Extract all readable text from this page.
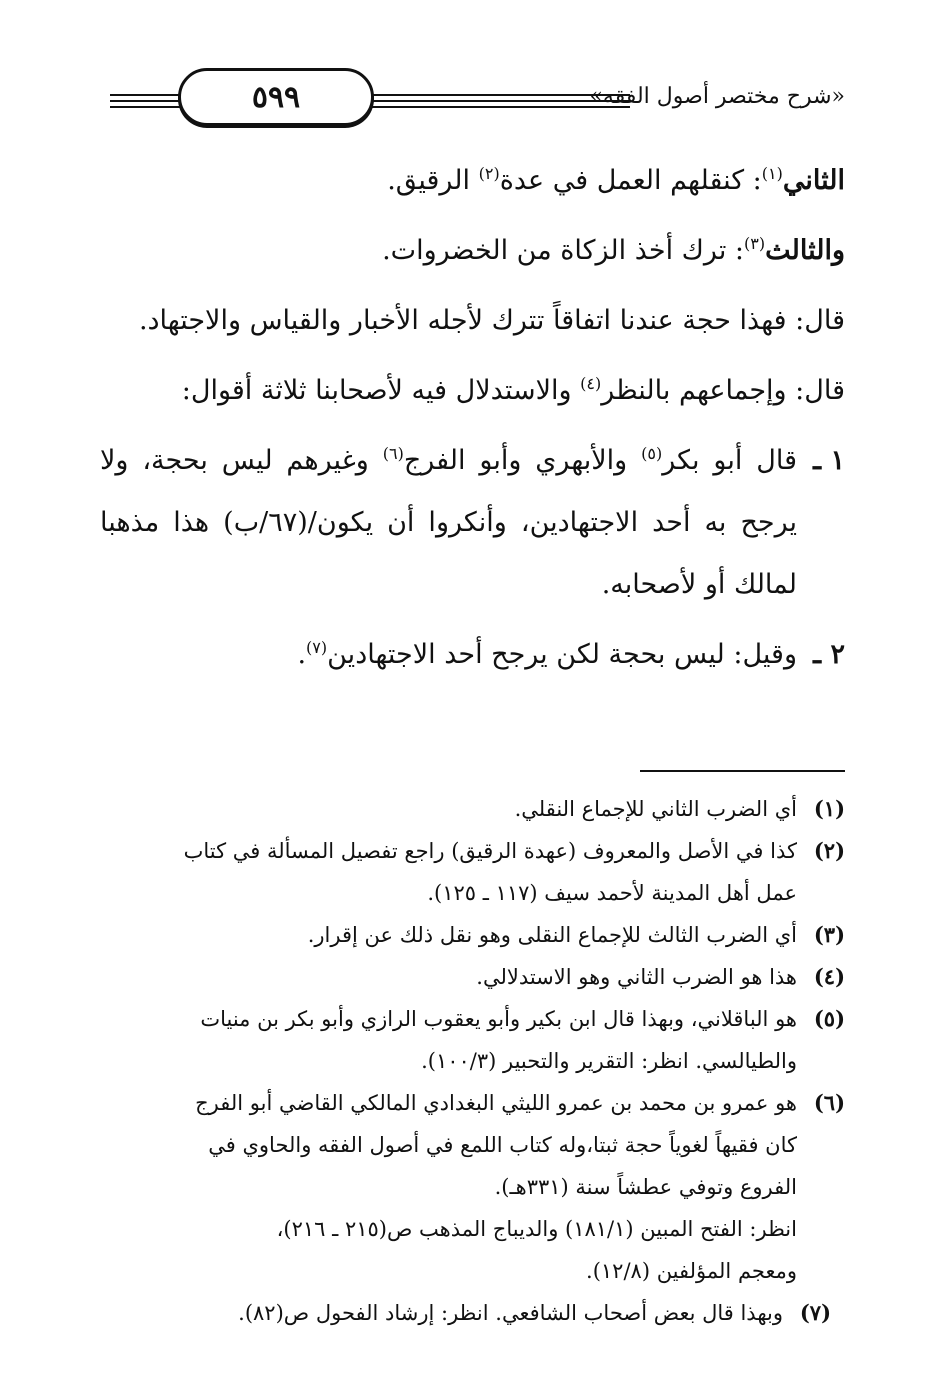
٥٩٩	«شرح مختصر أصول الفقه»

الثاني$^{(١)}$: كنقلهم العمل في عدة$^{(٢)}$ الرقيق.

والثالث$^{(٣)}$: ترك أخذ الزكاة من الخضروات.

قال: فهذا حجة عندنا اتفاقاً تترك لأجله الأخبار والقياس والاجتهاد.

قال: وإجماعهم بالنظر$^{(٤)}$ والاستدلال فيه لأصحابنا ثلاثة أقوال:

١ ـ
قال أبو بكر$^{(٥)}$ والأبهري وأبو الفرج$^{(٦)}$ وغيرهم ليس بحجة، ولا يرجح به أحد الاجتهادين، وأنكروا أن يكون/(٦٧/ب) هذا مذهبا لمالك أو لأصحابه.
٢ ـ
وقيل: ليس بحجة لكن يرجح أحد الاجتهادين$^{(٧)}$.
(١)
أي الضرب الثاني للإجماع النقلي.
(٢)
كذا في الأصل والمعروف (عهدة الرقيق) راجع تفصيل المسألة في كتاب
عمل أهل المدينة لأحمد سيف (١١٧ ـ ١٢٥).
(٣)
أي الضرب الثالث للإجماع النقلى وهو نقل ذلك عن إقرار.
(٤)
هذا هو الضرب الثاني وهو الاستدلالي.
(٥)
هو الباقلاني، وبهذا قال ابن بكير وأبو يعقوب الرازي وأبو بكر بن منيات
والطيالسي. انظر: التقرير والتحبير (١٠٠/٣).
(٦)
هو عمرو بن محمد بن عمرو الليثي البغدادي المالكي القاضي أبو الفرج
كان فقيهاً لغوياً حجة ثبتا،وله كتاب اللمع في أصول الفقه والحاوي في
الفروع وتوفي عطشاً سنة (٣٣١هـ).
انظر: الفتح المبين (١٨١/١) والديباج المذهب ص(٢١٥ ـ ٢١٦)،
ومعجم المؤلفين (١٢/٨).
(٧)
وبهذا قال بعض أصحاب الشافعي. انظر: إرشاد الفحول ص(٨٢).
